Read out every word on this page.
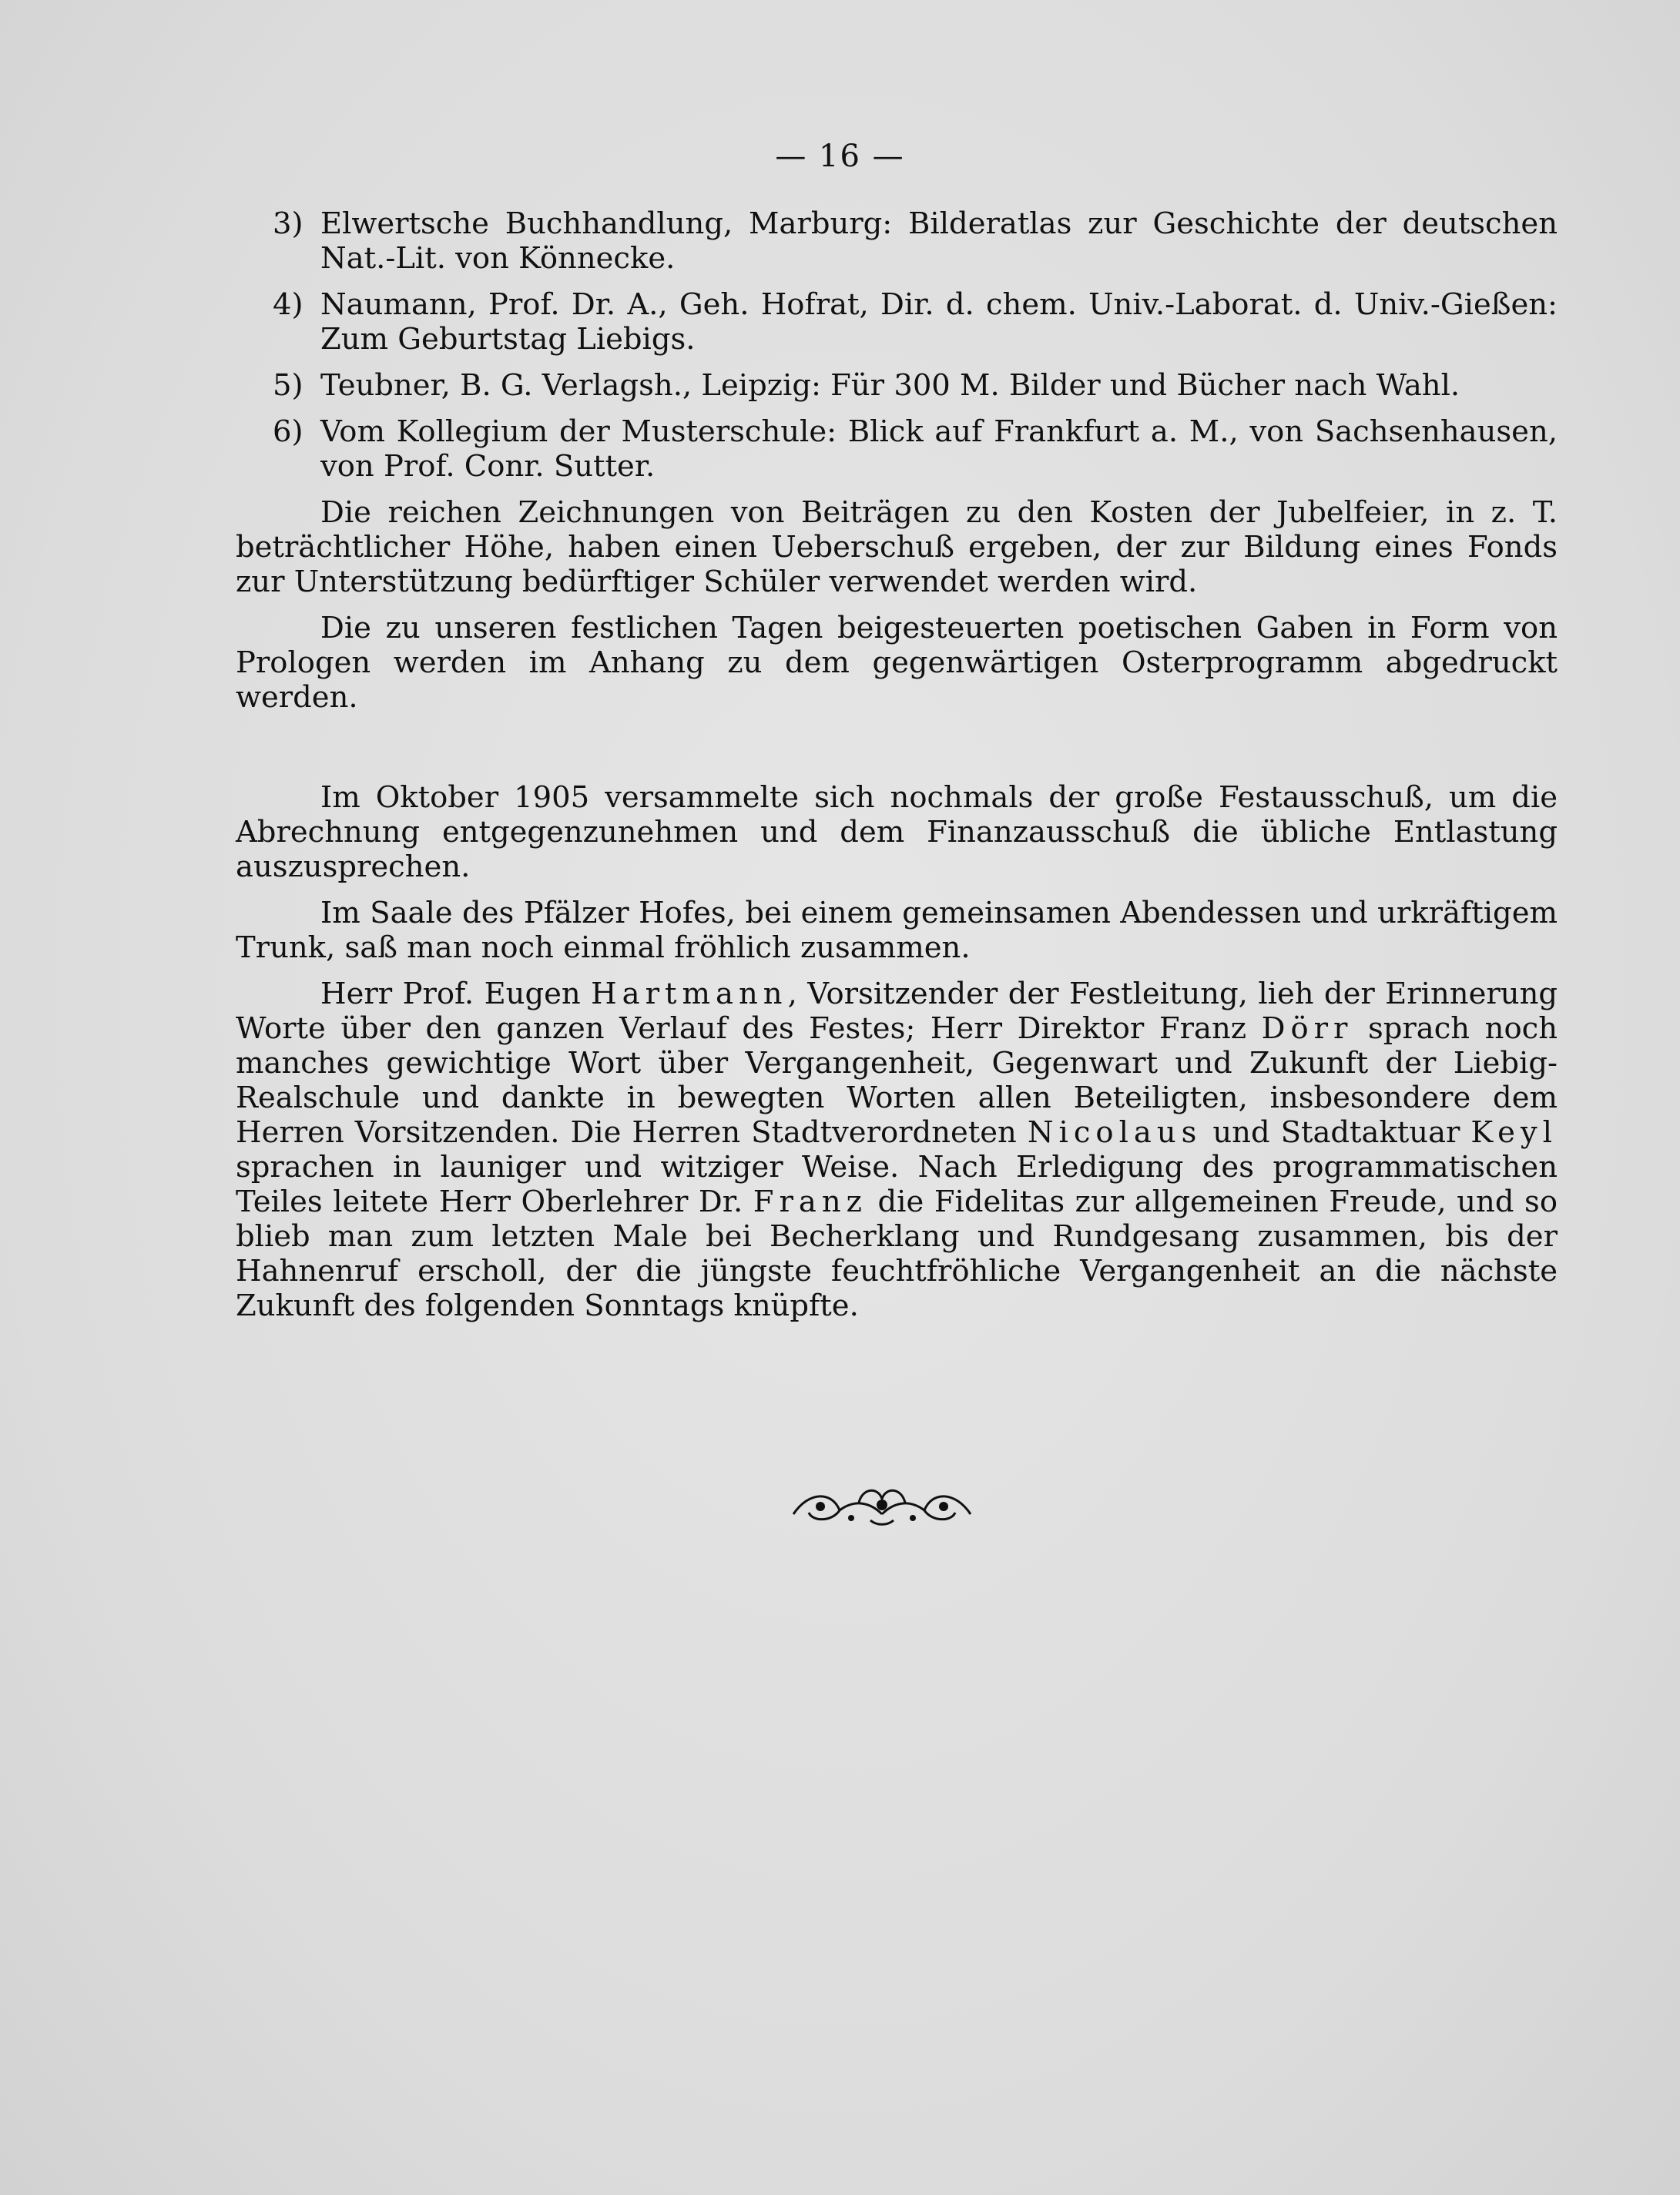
— 16 —
3) Elwertsche Buchhandlung, Marburg: Bilderatlas zur Geschichte der deutschen Nat.-Lit. von Könnecke.
4) Naumann, Prof. Dr. A., Geh. Hofrat, Dir. d. chem. Univ.-Laborat. d. Univ.-Gießen: Zum Geburtstag Liebigs.
5) Teubner, B. G. Verlagsh., Leipzig: Für 300 M. Bilder und Bücher nach Wahl.
6) Vom Kollegium der Musterschule: Blick auf Frankfurt a. M., von Sachsenhausen, von Prof. Conr. Sutter.

Die reichen Zeichnungen von Beiträgen zu den Kosten der Jubelfeier, in z. T. beträchtlicher Höhe, haben einen Ueberschuß ergeben, der zur Bildung eines Fonds zur Unterstützung bedürftiger Schüler verwendet werden wird.

Die zu unseren festlichen Tagen beigesteuerten poetischen Gaben in Form von Prologen werden im Anhang zu dem gegenwärtigen Osterprogramm abgedruckt werden.

Im Oktober 1905 versammelte sich nochmals der große Festausschuß, um die Abrechnung entgegenzunehmen und dem Finanzausschuß die übliche Entlastung auszusprechen.

Im Saale des Pfälzer Hofes, bei einem gemeinsamen Abendessen und urkräftigem Trunk, saß man noch einmal fröhlich zusammen.

Herr Prof. Eugen Hartmann, Vorsitzender der Festleitung, lieh der Erinnerung Worte über den ganzen Verlauf des Festes; Herr Direktor Franz Dörr sprach noch manches gewichtige Wort über Vergangenheit, Gegenwart und Zukunft der Liebig-Realschule und dankte in bewegten Worten allen Beteiligten, insbesondere dem Herren Vorsitzenden. Die Herren Stadtverordneten Nicolaus und Stadtaktuar Keyl sprachen in launiger und witziger Weise. Nach Erledigung des programmatischen Teiles leitete Herr Oberlehrer Dr. Franz die Fidelitas zur allgemeinen Freude, und so blieb man zum letzten Male bei Becherklang und Rundgesang zusammen, bis der Hahnenruf erscholl, der die jüngste feuchtfröhliche Vergangenheit an die nächste Zukunft des folgenden Sonntags knüpfte.
